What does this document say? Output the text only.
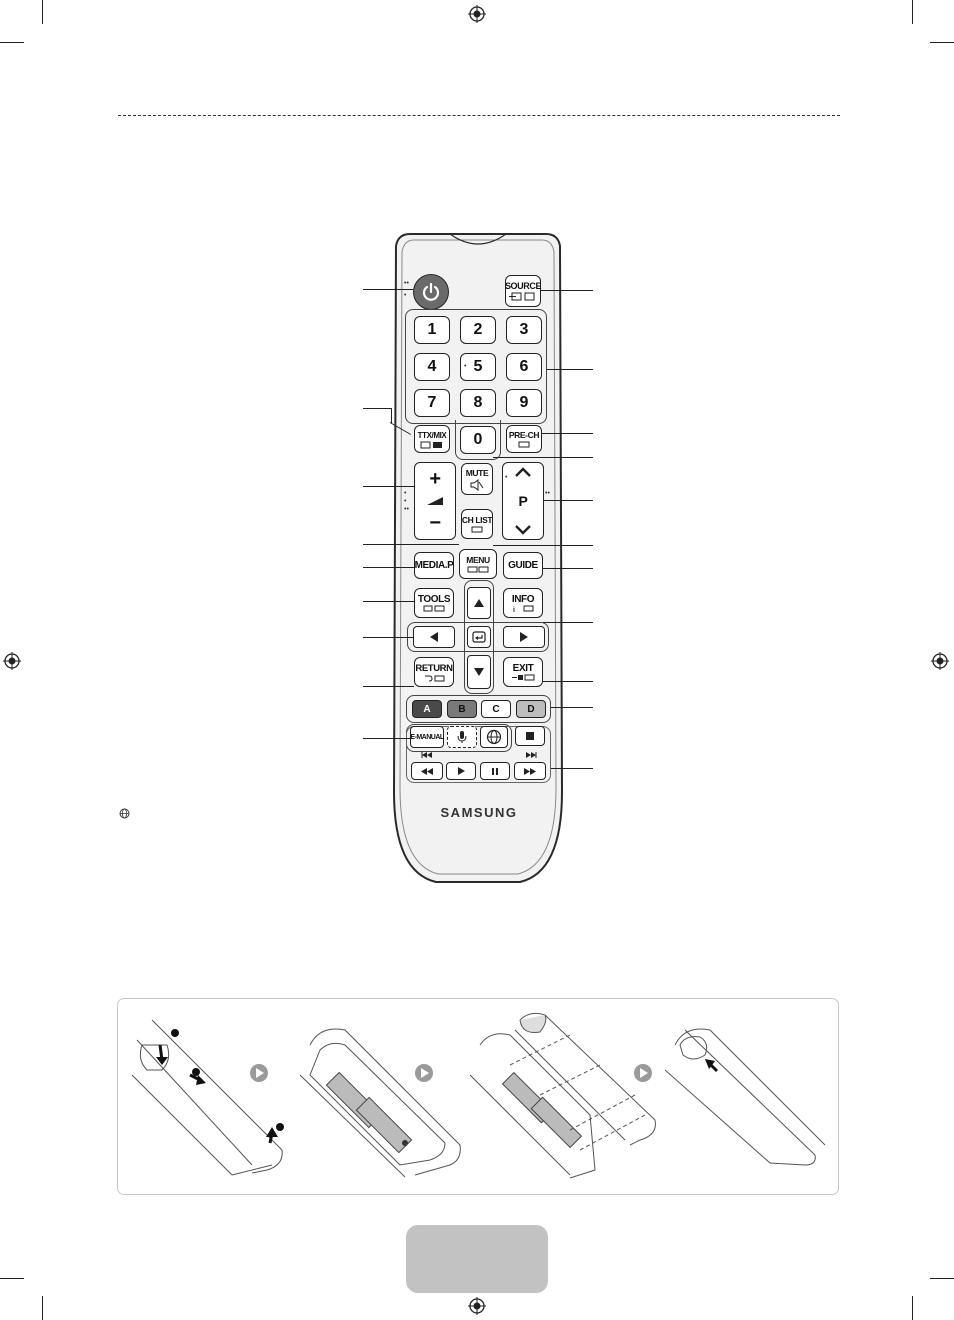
••
•
SOURCE
1 2 3
4 5 6
7 8 9
0
•
TTX/MIX	PRE-CH
+
−
•
•
••
MUTE
CH LIST
P	••
•
MENU
MEDIA.P	GUIDE
TOOLS	INFO
i
RETURN	EXIT
A	B	C	D
E-MANUAL
SAMSUNG
